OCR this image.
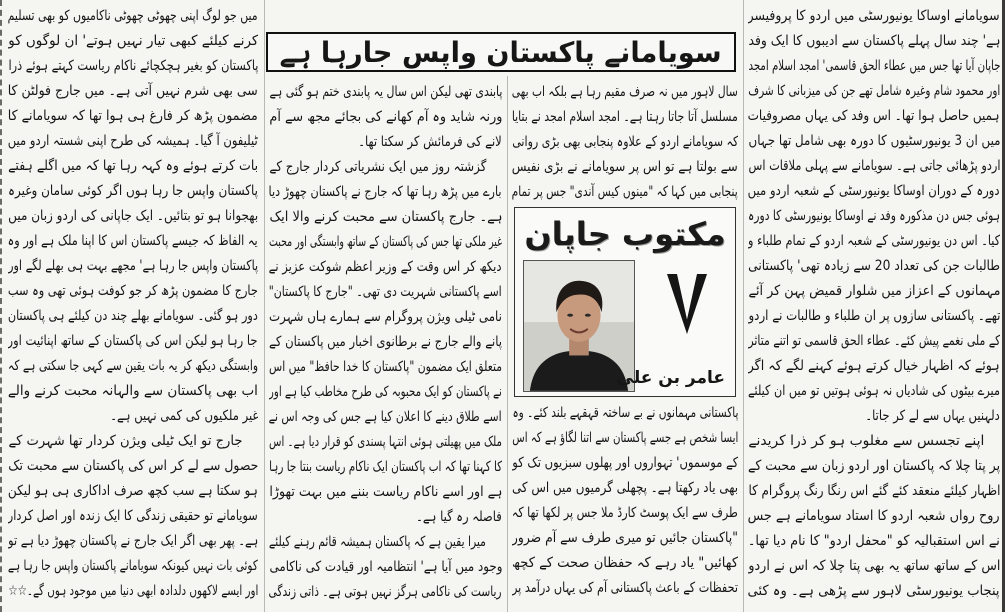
سویامانے پاکستان واپس جارہا ہے
سویامانے اوساکا یونیورسٹی میں اردو کا پروفیسر
ہے' چند سال پہلے پاکستان سے ادیبوں کا ایک وفد
جاپان آیا تھا جس میں عطاء الحق قاسمی' امجد اسلام امجد
اور محمود شام وغیرہ شامل تھے جن کی میزبانی کا شرف
ہمیں حاصل ہوا تھا۔ اس وفد کی یہاں مصروفیات
میں ان 3 یونیورسٹیوں کا دورہ بھی شامل تھا جہاں
اردو پڑھائی جاتی ہے۔ سویامانے سے پہلی ملاقات اس
دورہ کے دوران اوساکا یونیورسٹی کے شعبہ اردو میں
ہوئی جس دن مذکورہ وفد نے اوساکا یونیورسٹی کا دورہ
کیا۔ اس دن یونیورسٹی کے شعبہ اردو کے تمام طلباء و
طالبات جن کی تعداد 20 سے زیادہ تھی' پاکستانی
مہمانوں کے اعزاز میں شلوار قمیض پہن کر آئے
تھے۔ پاکستانی سازوں پر ان طلباء و طالبات نے اردو
کے ملی نغمے پیش کئے۔ عطاء الحق قاسمی تو اتنے متاثر
ہوئے کہ اظہار خیال کرتے ہوئے کہنے لگے کہ اگر
میرے بیٹوں کی شادیاں نہ ہوئی ہوتیں تو میں ان کیلئے
دلہنیں یہاں سے لے کر جاتا۔
اپنے تجسس سے مغلوب ہو کر ذرا کریدنے
پر پتا چلا کہ پاکستان اور اردو زبان سے محبت کے
اظہار کیلئے منعقد کئے گئے اس رنگا رنگ پروگرام کا
روح رواں شعبہ اردو کا استاد سویامانے ہے جس
نے اس استقبالیہ کو "محفل اردو" کا نام دیا تھا۔
اس کے ساتھ ساتھ یہ بھی پتا چلا کہ اس نے اردو
پنجاب یونیورسٹی لاہور سے پڑھی ہے۔ وہ کئی
سال لاہور میں نہ صرف مقیم رہا ہے بلکہ اب بھی
مسلسل آتا جاتا رہتا ہے۔ امجد اسلام امجد نے بتایا
کہ سویامانے اردو کے علاوہ پنجابی بھی بڑی روانی
سے بولتا ہے تو اس پر سویامانے نے بڑی نفیس
پنجابی میں کہا کہ "مینوں کیس آندی" جس پر تمام
مکتوب جاپان
عامر بن علی
پاکستانی مہمانوں نے بے ساختہ قہقہے بلند کئے۔ وہ
ایسا شخص ہے جسے پاکستان سے اتنا لگاؤ ہے کہ اس
کے موسموں' تہواروں اور پھلوں سبزیوں تک کو
بھی یاد رکھتا ہے۔ پچھلی گرمیوں میں اس کی
طرف سے ایک پوسٹ کارڈ ملا جس پر لکھا تھا کہ
"پاکستان جائیں تو میری طرف سے آم ضرور
کھائیں" یاد رہے کہ حفظان صحت کے کچھ
تحفظات کے باعث پاکستانی آم کی یہاں درآمد پر
پابندی تھی لیکن اس سال یہ پابندی ختم ہو گئی ہے
ورنہ شاید وہ آم کھانے کی بجائے مجھ سے آم
لانے کی فرمائش کر سکتا تھا۔
گزشتہ روز میں ایک نشریاتی کردار جارج کے
بارے میں پڑھ رہا تھا کہ جارج نے پاکستان چھوڑ دیا
ہے۔ جارج پاکستان سے محبت کرنے والا ایک
غیر ملکی تھا جس کی پاکستان کے ساتھ وابستگی اور محبت
دیکھ کر اس وقت کے وزیر اعظم شوکت عزیز نے
اسے پاکستانی شہریت دی تھی۔ "جارج کا پاکستان"
نامی ٹیلی ویژن پروگرام سے ہمارے ہاں شہرت
پانے والے جارج نے برطانوی اخبار میں پاکستان کے
متعلق ایک مضمون "پاکستان کا خدا حافظ" میں اس
نے پاکستان کو ایک محبوبہ کی طرح مخاطب کیا ہے اور
اسے طلاق دینے کا اعلان کیا ہے جس کی وجہ اس نے
ملک میں پھیلتی ہوئی انتہا پسندی کو قرار دیا ہے۔ اس
کا کہنا تھا کہ اب پاکستان ایک ناکام ریاست بنتا جا رہا
ہے اور اسے ناکام ریاست بننے میں بہت تھوڑا
فاصلہ رہ گیا ہے۔
میرا یقین ہے کہ پاکستان ہمیشہ قائم رہنے کیلئے
وجود میں آیا ہے' انتظامیہ اور قیادت کی ناکامی
ریاست کی ناکامی ہرگز نہیں ہوتی ہے۔ ذاتی زندگی
میں جو لوگ اپنی چھوٹی چھوٹی ناکامیوں کو بھی تسلیم
کرنے کیلئے کبھی تیار نہیں ہوتے' ان لوگوں کو
پاکستان کو بغیر ہچکچائے ناکام ریاست کہتے ہوئے ذرا
سی بھی شرم نہیں آتی ہے۔ میں جارج فولٹن کا
مضمون پڑھ کر فارغ ہی ہوا تھا کہ سویامانے کا
ٹیلیفون آ گیا۔ ہمیشہ کی طرح اپنی شستہ اردو میں
بات کرتے ہوئے وہ کہہ رہا تھا کہ میں اگلے ہفتے
پاکستان واپس جا رہا ہوں اگر کوئی سامان وغیرہ
بھجوانا ہو تو بتائیں۔ ایک جاپانی کی اردو زبان میں
یہ الفاظ کہ جیسے پاکستان اس کا اپنا ملک ہے اور وہ
پاکستان واپس جا رہا ہے' مجھے بہت ہی بھلے لگے اور
جارج کا مضمون پڑھ کر جو کوفت ہوئی تھی وہ سب
دور ہو گئی۔ سویامانے بھلے چند دن کیلئے ہی پاکستان
جا رہا ہو لیکن اس کی پاکستان کے ساتھ اپنائیت اور
وابستگی دیکھ کر یہ بات یقین سے کہی جا سکتی ہے کہ
اب بھی پاکستان سے والہانہ محبت کرنے والے
غیر ملکیوں کی کمی نہیں ہے۔
جارج تو ایک ٹیلی ویژن کردار تھا شہرت کے
حصول سے لے کر اس کی پاکستان سے محبت تک
ہو سکتا ہے سب کچھ صرف اداکاری ہی ہو لیکن
سویامانے تو حقیقی زندگی کا ایک زندہ اور اصل کردار
ہے۔ پھر بھی اگر ایک جارج نے پاکستان چھوڑ دیا ہے تو
کوئی بات نہیں کیونکہ سویامانے پاکستان واپس جا رہا ہے
اور ایسے لاکھوں دلدادہ ابھی دنیا میں موجود ہوں گے۔☆☆
